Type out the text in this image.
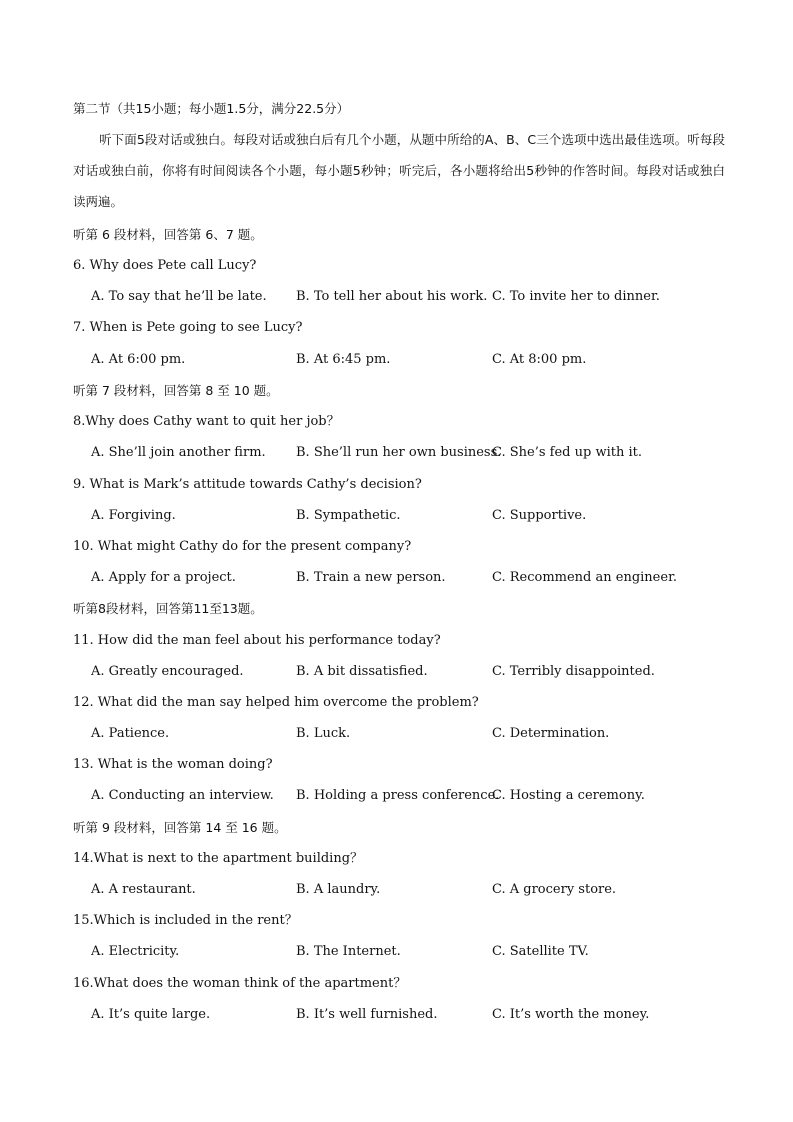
第二节（共15小题；每小题1.5分，满分22.5分）
听下面5段对话或独白。每段对话或独白后有几个小题，从题中所给的A、B、C三个选项中选出最佳选项。听每段对话或独白前，你将有时间阅读各个小题，每小题5秒钟；听完后，各小题将给出5秒钟的作答时间。每段对话或独白读两遍。
听第 6 段材料，回答第 6、7 题。
6. Why does Pete call Lucy?
A. To say that he’ll be late. B. To tell her about his work. C. To invite her to dinner.
7. When is Pete going to see Lucy?
A. At 6:00 pm.	B. At 6:45 pm.	C. At 8:00 pm.
听第 7 段材料，回答第 8 至 10 题。
8.Why does Cathy want to quit her job？
A. She’ll join another firm. B. She’ll run her own business.
C. She’s fed up with it.
9. What is Mark’s attitude towards Cathy’s decision?
A. Forgiving.	B. Sympathetic.	C. Supportive.
10. What might Cathy do for the present company?
A. Apply for a project.	B. Train a new person.	C. Recommend an engineer.
听第8段材料，回答第11至13题。
11. How did the man feel about his performance today?
A. Greatly encouraged.	B. A bit dissatisfied.	C. Terribly disappointed.
12. What did the man say helped him overcome the problem?
A. Patience.	B. Luck.	C. Determination.
13. What is the woman doing?
A. Conducting an interview. B. Holding a press conference.
C. Hosting a ceremony.
听第 9 段材料，回答第 14 至 16 题。
14.What is next to the apartment building？
A. A restaurant.	B. A laundry.	C. A grocery store.
15.Which is included in the rent？
A. Electricity.	B. The Internet.	C. Satellite TV.
16.What does the woman think of the apartment？
A. It’s quite large.	B. It’s well furnished.	C. It’s worth the money.
